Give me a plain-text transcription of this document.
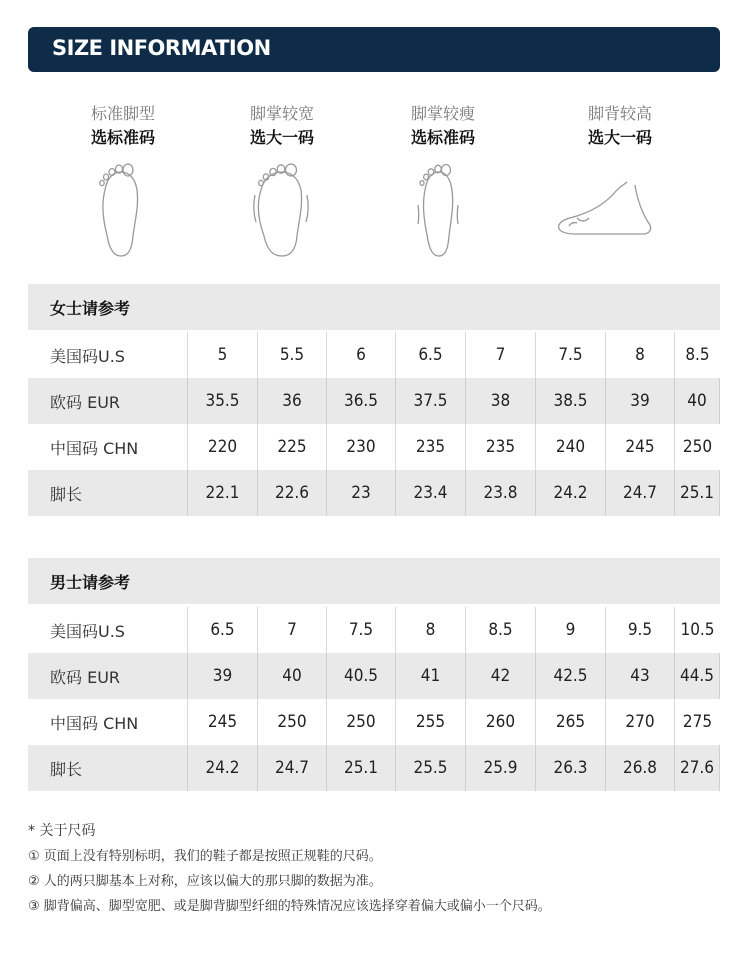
SIZE INFORMATION
标准脚型
选标准码
脚掌较宽
选大一码
脚掌较瘦
选标准码
脚背较高
选大一码
女士请参考
美国码U.S	5	5.5	6	6.5	7	7.5	8	8.5
欧码 EUR	35.5	36	36.5	37.5	38	38.5	39	40
中国码 CHN	220	225	230	235	235	240	245	250
脚长	22.1	22.6	23	23.4	23.8	24.2	24.7	25.1
男士请参考
美国码U.S	6.5	7	7.5	8	8.5	9	9.5	10.5
欧码 EUR	39	40	40.5	41	42	42.5	43	44.5
中国码 CHN	245	250	250	255	260	265	270	275
脚长	24.2	24.7	25.1	25.5	25.9	26.3	26.8	27.6
* 关于尺码
① 页面上没有特别标明，我们的鞋子都是按照正规鞋的尺码。
② 人的两只脚基本上对称，应该以偏大的那只脚的数据为准。
③ 脚背偏高、脚型宽肥、或是脚背脚型纤细的特殊情况应该选择穿着偏大或偏小一个尺码。
